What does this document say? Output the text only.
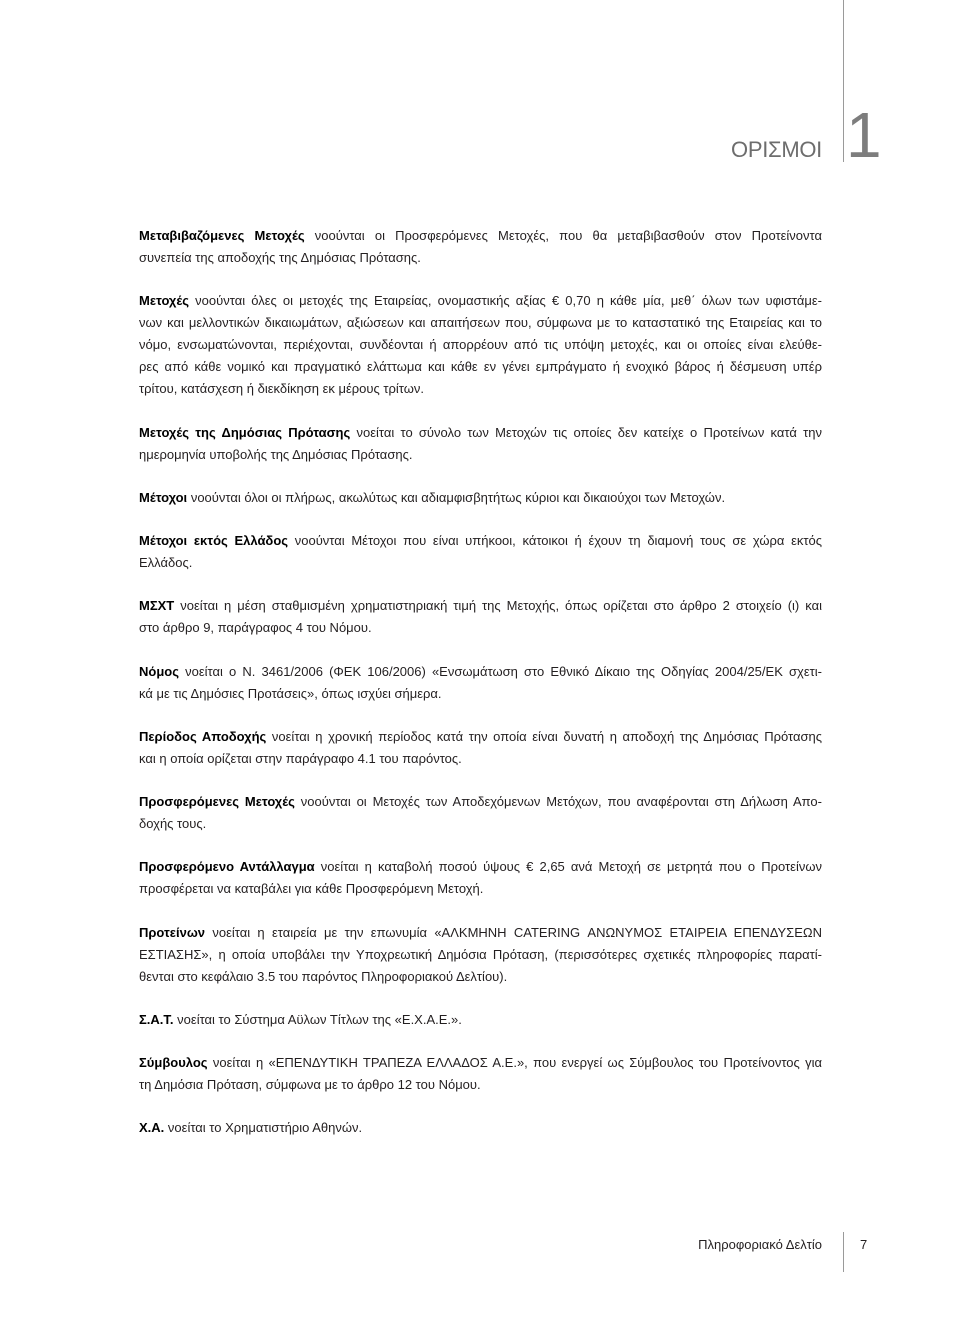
ΟΡΙΣΜΟΙ 1
Μεταβιβαζόμενες Μετοχές νοούνται οι Προσφερόμενες Μετοχές, που θα μεταβιβασθούν στον Προτείνοντα
συνεπεία της αποδοχής της Δημόσιας Πρότασης.
Μετοχές νοούνται όλες οι μετοχές της Εταιρείας, ονομαστικής αξίας € 0,70 η κάθε μία, μεθ΄ όλων των υφιστάμε-
νων και μελλοντικών δικαιωμάτων, αξιώσεων και απαιτήσεων που, σύμφωνα με το καταστατικό της Εταιρείας και το
νόμο, ενσωματώνονται, περιέχονται, συνδέονται ή απορρέουν από τις υπόψη μετοχές, και οι οποίες είναι ελεύθε-
ρες από κάθε νομικό και πραγματικό ελάττωμα και κάθε εν γένει εμπράγματο ή ενοχικό βάρος ή δέσμευση υπέρ
τρίτου, κατάσχεση ή διεκδίκηση εκ μέρους τρίτων.
Μετοχές της Δημόσιας Πρότασης νοείται το σύνολο των Μετοχών τις οποίες δεν κατείχε ο Προτείνων κατά την
ημερομηνία υποβολής της Δημόσιας Πρότασης.
Μέτοχοι νοούνται όλοι οι πλήρως, ακωλύτως και αδιαμφισβητήτως κύριοι και δικαιούχοι των Μετοχών.
Μέτοχοι εκτός Ελλάδος νοούνται Μέτοχοι που είναι υπήκοοι, κάτοικοι ή έχουν τη διαμονή τους σε χώρα εκτός
Ελλάδος.
ΜΣΧΤ νοείται η μέση σταθμισμένη χρηματιστηριακή τιμή της Μετοχής, όπως ορίζεται στο άρθρο 2 στοιχείο (ι) και
στο άρθρο 9, παράγραφος 4 του Νόμου.
Νόμος νοείται ο Ν. 3461/2006 (ΦΕΚ 106/2006) «Ενσωμάτωση στο Εθνικό Δίκαιο της Οδηγίας 2004/25/ΕΚ σχετι-
κά με τις Δημόσιες Προτάσεις», όπως ισχύει σήμερα.
Περίοδος Αποδοχής νοείται η χρονική περίοδος κατά την οποία είναι δυνατή η αποδοχή της Δημόσιας Πρότασης
και η οποία ορίζεται στην παράγραφο 4.1 του παρόντος.
Προσφερόμενες Μετοχές νοούνται οι Μετοχές των Αποδεχόμενων Μετόχων, που αναφέρονται στη Δήλωση Απο-
δοχής τους.
Προσφερόμενο Αντάλλαγμα νοείται η καταβολή ποσού ύψους € 2,65 ανά Μετοχή σε μετρητά που ο Προτείνων
προσφέρεται να καταβάλει για κάθε Προσφερόμενη Μετοχή.
Προτείνων νοείται η εταιρεία με την επωνυμία «ΑΛΚΜΗΝΗ CATERING ΑΝΩΝΥΜΟΣ ΕΤΑΙΡΕΙΑ ΕΠΕΝΔΥΣΕΩΝ
ΕΣΤΙΑΣΗΣ», η οποία υποβάλει την Υποχρεωτική Δημόσια Πρόταση, (περισσότερες σχετικές πληροφορίες παρατί-
θενται στο κεφάλαιο 3.5 του παρόντος Πληροφοριακού Δελτίου).
Σ.Α.Τ. νοείται το Σύστημα Αϋλων Τίτλων της «Ε.Χ.Α.Ε.».
Σύμβουλος νοείται η «ΕΠΕΝΔΥΤΙΚΗ ΤΡΑΠΕΖΑ ΕΛΛΑΔΟΣ Α.Ε.», που ενεργεί ως Σύμβουλος του Προτείνοντος για
τη Δημόσια Πρόταση, σύμφωνα με το άρθρο 12 του Νόμου.
Χ.Α. νοείται το Χρηματιστήριο Αθηνών.
Πληροφοριακό Δελτίο	7
